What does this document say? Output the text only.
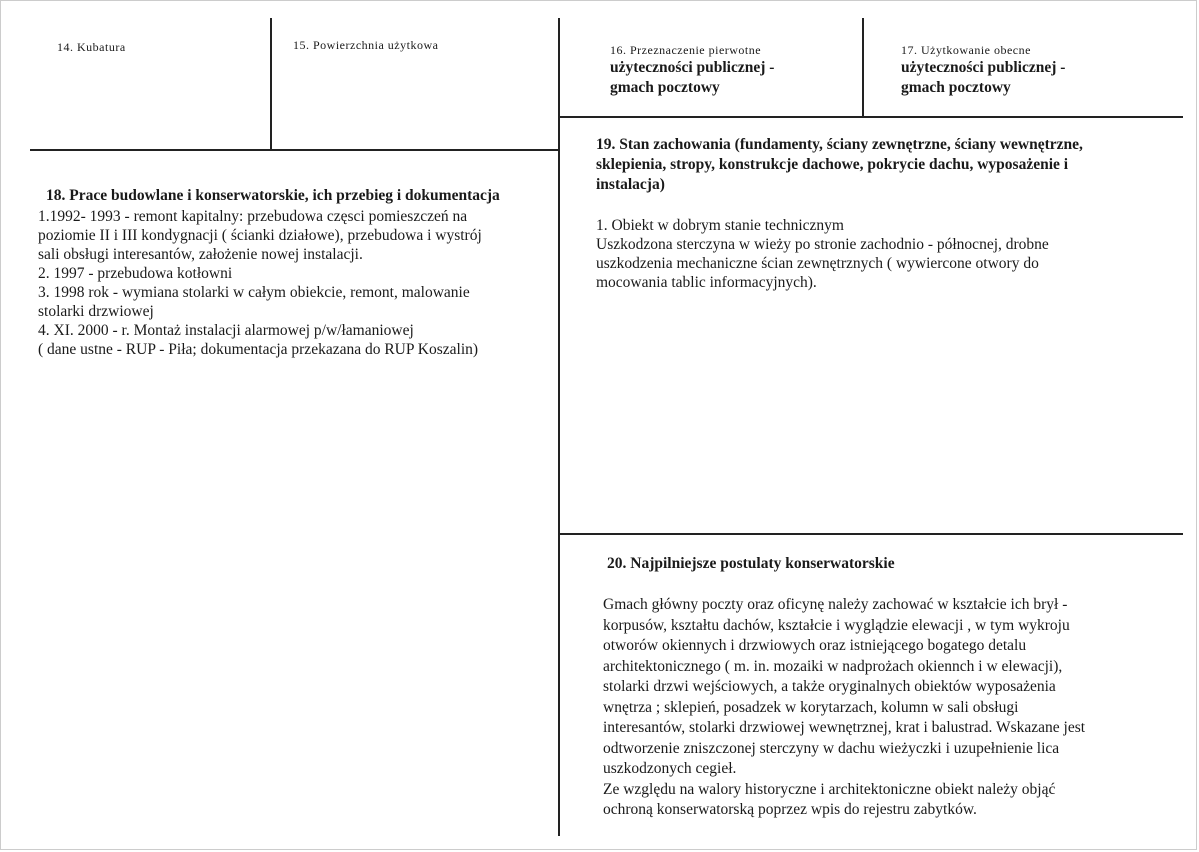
14. Kubatura	15. Powierzchnia użytkowa	16. Przeznaczenie pierwotne
użyteczności publicznej -
gmach pocztowy
17. Użytkowanie obecne
użyteczności publicznej -
gmach pocztowy
18. Prace budowlane i konserwatorskie, ich przebieg i dokumentacja
1.1992- 1993 - remont kapitalny: przebudowa częsci pomieszczeń na
poziomie II i III kondygnacji ( ścianki działowe), przebudowa i wystrój
sali obsługi interesantów, założenie nowej instalacji.
2. 1997 - przebudowa kotłowni
3. 1998 rok - wymiana stolarki w całym obiekcie, remont, malowanie
stolarki drzwiowej
4. XI. 2000 - r. Montaż instalacji alarmowej p/w/łamaniowej
( dane ustne - RUP - Piła; dokumentacja przekazana do RUP Koszalin)
19. Stan zachowania (fundamenty, ściany zewnętrzne, ściany wewnętrzne,
sklepienia, stropy, konstrukcje dachowe, pokrycie dachu, wyposażenie i
instalacja)
1. Obiekt w dobrym stanie technicznym
Uszkodzona sterczyna w wieży po stronie zachodnio - północnej, drobne
uszkodzenia mechaniczne ścian zewnętrznych ( wywiercone otwory do
mocowania tablic informacyjnych).
20. Najpilniejsze postulaty konserwatorskie
Gmach główny poczty oraz oficynę należy zachować w kształcie ich brył -
korpusów, kształtu dachów, kształcie i wyglądzie elewacji , w tym wykroju
otworów okiennych i drzwiowych oraz istniejącego bogatego detalu
architektonicznego ( m. in. mozaiki w nadprożach okiennch i w elewacji),
stolarki drzwi wejściowych, a także oryginalnych obiektów wyposażenia
wnętrza ; sklepień, posadzek w korytarzach, kolumn w sali obsługi
interesantów, stolarki drzwiowej wewnętrznej, krat i balustrad. Wskazane jest
odtworzenie zniszczonej sterczyny w dachu wieżyczki i uzupełnienie lica
uszkodzonych cegieł.
Ze względu na walory historyczne i architektoniczne obiekt należy objąć
ochroną konserwatorską poprzez wpis do rejestru zabytków.
